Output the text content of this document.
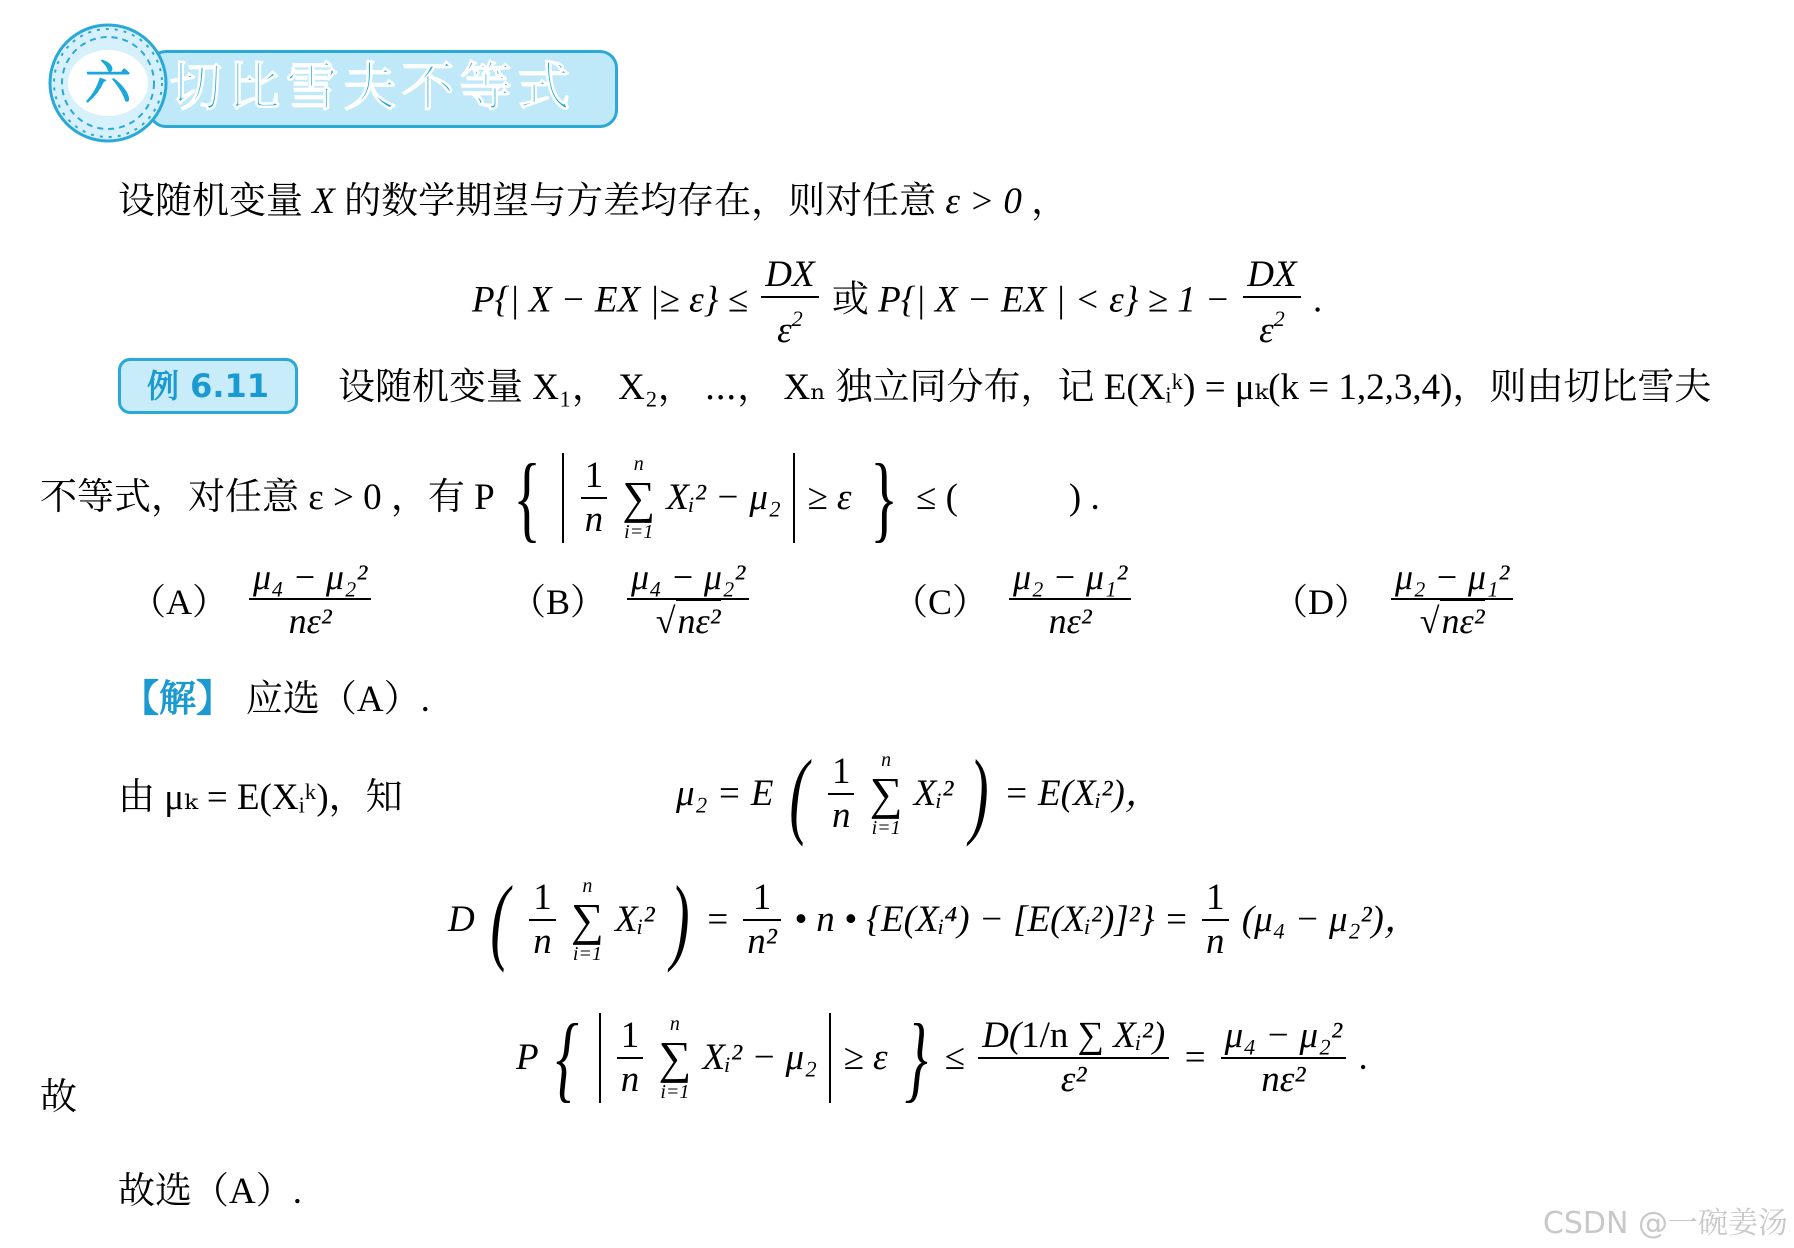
切比雪夫不等式
六
设随机变量 X 的数学期望与方差均存在，则对任意 ε > 0 ，
P{| X − EX |≥ $\varepsilon\} \le \frac{DX}{\varepsilon^2}$ 或 P{| X − EX | < $\varepsilon\} \ge 1 - \frac{DX}{\varepsilon^2}$ .
例 6.11	设随机变量 X₁， X₂， ⋯， Xₙ 独立同分布，记 E(Xᵢᵏ) = μₖ(k = 1,2,3,4)，则由切比雪夫
不等式，对任意 ε > 0 ，有 P { $\frac{1}{n}$
	n
∑
i=1
Xᵢ² − μ₂ ≥ ε } ≤ (　　　) .
$(A) \frac{\text{μ₄ − μ₂²}}{\text{nε²}}$	$(B) \frac{\text{μ₄ − μ₂²}}{\text{√nε²}}$	$(C) \frac{\text{μ₂ − μ₁²}}{\text{nε²}}$	$(D) \frac{\text{μ₂ − μ₁²}}{\text{√nε²}}$
【解】 应选（A）.
由 μₖ = E(Xᵢᵏ)，知	μ₂ = E ( $\frac{1}{n}$
	n
∑
i=1
Xᵢ² ) = E(Xᵢ²)，
D ( $\frac{1}{n}$
	n
∑
i=1
Xᵢ² ) = $\frac{1}{\text{n²}}$ • n • {E(Xᵢ⁴) − [E(Xᵢ²)]²} = $\frac{1}{n} (\mu_4 - \mu_2^2)$，
故
P { $\frac{1}{n}$
	n
∑
i=1
Xᵢ² − μ₂ ≥ ε } ≤ $\frac{\text{D(1/n ∑ Xᵢ²)}}{\text{ε²}} = \frac{\text{μ₄ − μ₂²}}{\text{nε²}}$ .
故选（A）.
CSDN @一碗姜汤
